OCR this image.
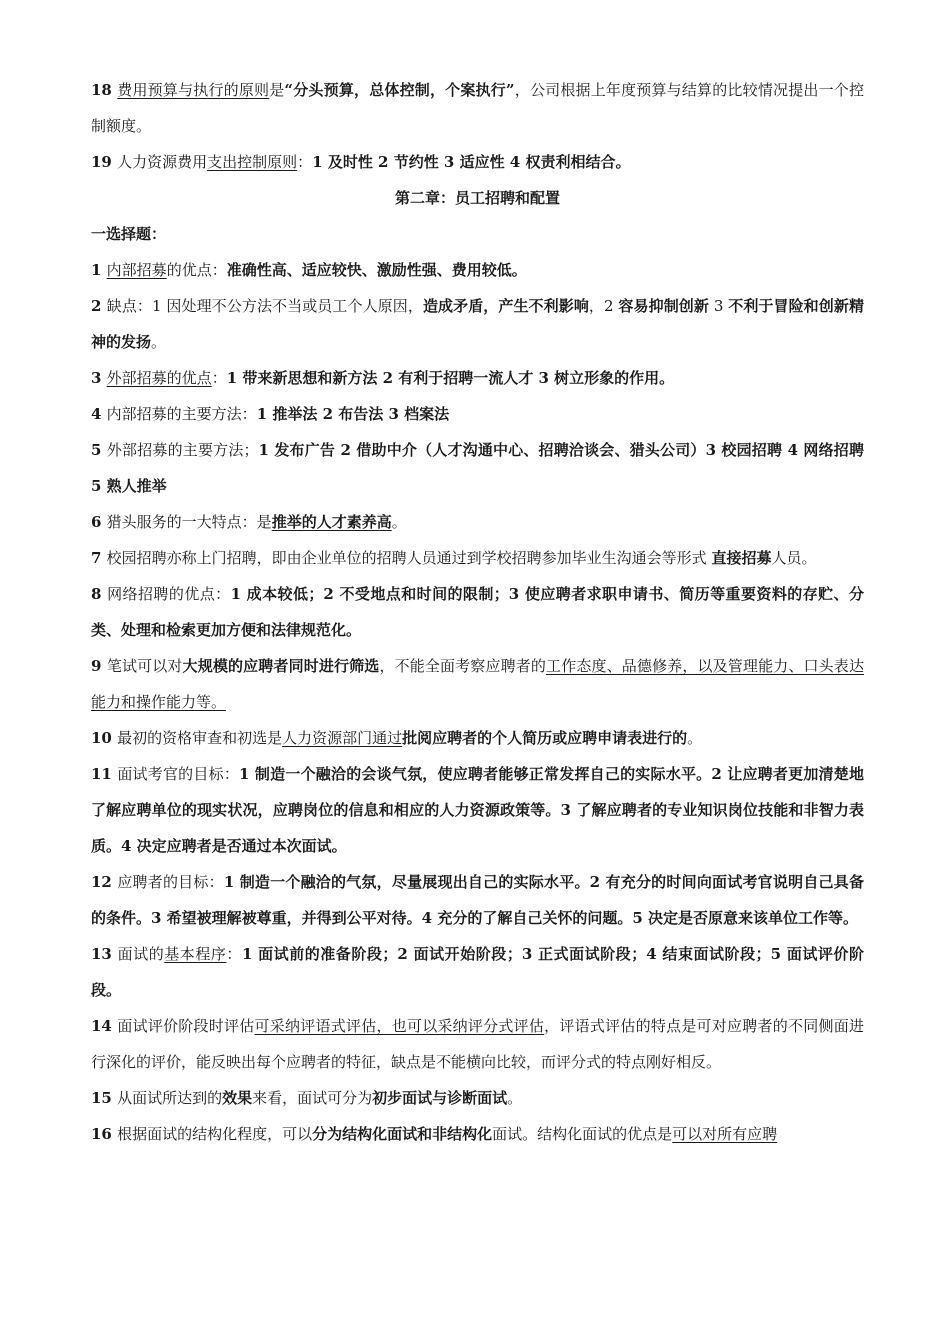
18 费用预算与执行的原则是“分头预算，总体控制，个案执行”，公司根据上年度预算与结算的比较情况提出一个控制额度。

19 人力资源费用支出控制原则：1 及时性 2 节约性 3 适应性 4 权责利相结合。

第二章：员工招聘和配置

一选择题：

1 内部招募的优点：准确性高、适应较快、激励性强、费用较低。

2 缺点：1 因处理不公方法不当或员工个人原因，造成矛盾，产生不利影响，2 容易抑制创新 3 不利于冒险和创新精神的发扬。

3 外部招募的优点：1 带来新思想和新方法 2 有利于招聘一流人才 3 树立形象的作用。

4 内部招募的主要方法：1 推举法 2 布告法 3 档案法

5 外部招募的主要方法；1 发布广告 2 借助中介（人才沟通中心、招聘洽谈会、猎头公司）3 校园招聘 4 网络招聘 5 熟人推举

6 猎头服务的一大特点：是推举的人才素养高。

7 校园招聘亦称上门招聘，即由企业单位的招聘人员通过到学校招聘参加毕业生沟通会等形式 直接招募人员。

8 网络招聘的优点：1 成本较低；2 不受地点和时间的限制；3 使应聘者求职申请书、简历等重要资料的存贮、分类、处理和检索更加方便和法律规范化。

9 笔试可以对大规模的应聘者同时进行筛选，不能全面考察应聘者的工作态度、品德修养，以及管理能力、口头表达能力和操作能力等。

10 最初的资格审查和初选是人力资源部门通过批阅应聘者的个人简历或应聘申请表进行的。

11 面试考官的目标：1 制造一个融洽的会谈气氛，使应聘者能够正常发挥自己的实际水平。2 让应聘者更加清楚地了解应聘单位的现实状况，应聘岗位的信息和相应的人力资源政策等。3 了解应聘者的专业知识岗位技能和非智力表质。4 决定应聘者是否通过本次面试。

12 应聘者的目标：1 制造一个融洽的气氛，尽量展现出自己的实际水平。2 有充分的时间向面试考官说明自己具备的条件。3 希望被理解被尊重，并得到公平对待。4 充分的了解自己关怀的问题。5 决定是否原意来该单位工作等。

13 面试的基本程序：1 面试前的准备阶段；2 面试开始阶段；3 正式面试阶段；4 结束面试阶段；5 面试评价阶段。

14 面试评价阶段时评估可采纳评语式评估，也可以采纳评分式评估，评语式评估的特点是可对应聘者的不同侧面进行深化的评价，能反映出每个应聘者的特征，缺点是不能横向比较，而评分式的特点刚好相反。

15 从面试所达到的效果来看，面试可分为初步面试与诊断面试。

16 根据面试的结构化程度，可以分为结构化面试和非结构化面试。结构化面试的优点是可以对所有应聘
